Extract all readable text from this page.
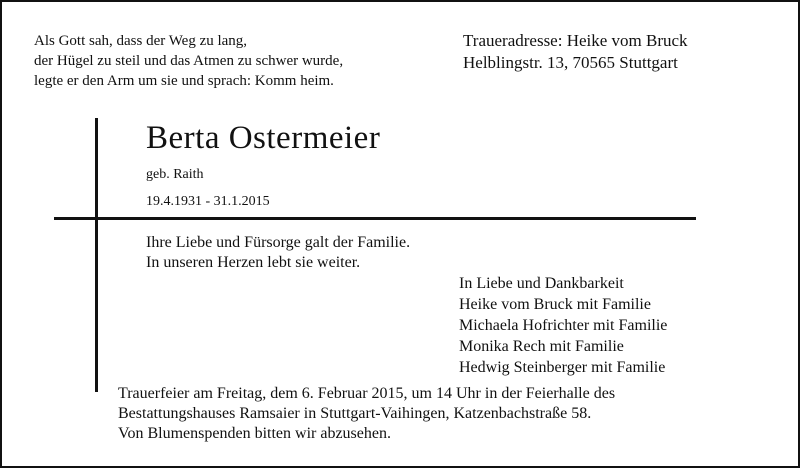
Als Gott sah, dass der Weg zu lang,
der Hügel zu steil und das Atmen zu schwer wurde,
legte er den Arm um sie und sprach: Komm heim.
Traueradresse: Heike vom Bruck
Helblingstr. 13, 70565 Stuttgart
Berta Ostermeier
geb. Raith
19.4.1931 - 31.1.2015
Ihre Liebe und Fürsorge galt der Familie.
In unseren Herzen lebt sie weiter.
In Liebe und Dankbarkeit
Heike vom Bruck mit Familie
Michaela Hofrichter mit Familie
Monika Rech mit Familie
Hedwig Steinberger mit Familie
Trauerfeier am Freitag, dem 6. Februar 2015, um 14 Uhr in der Feierhalle des
Bestattungshauses Ramsaier in Stuttgart-Vaihingen, Katzenbachstraße 58.
Von Blumenspenden bitten wir abzusehen.
